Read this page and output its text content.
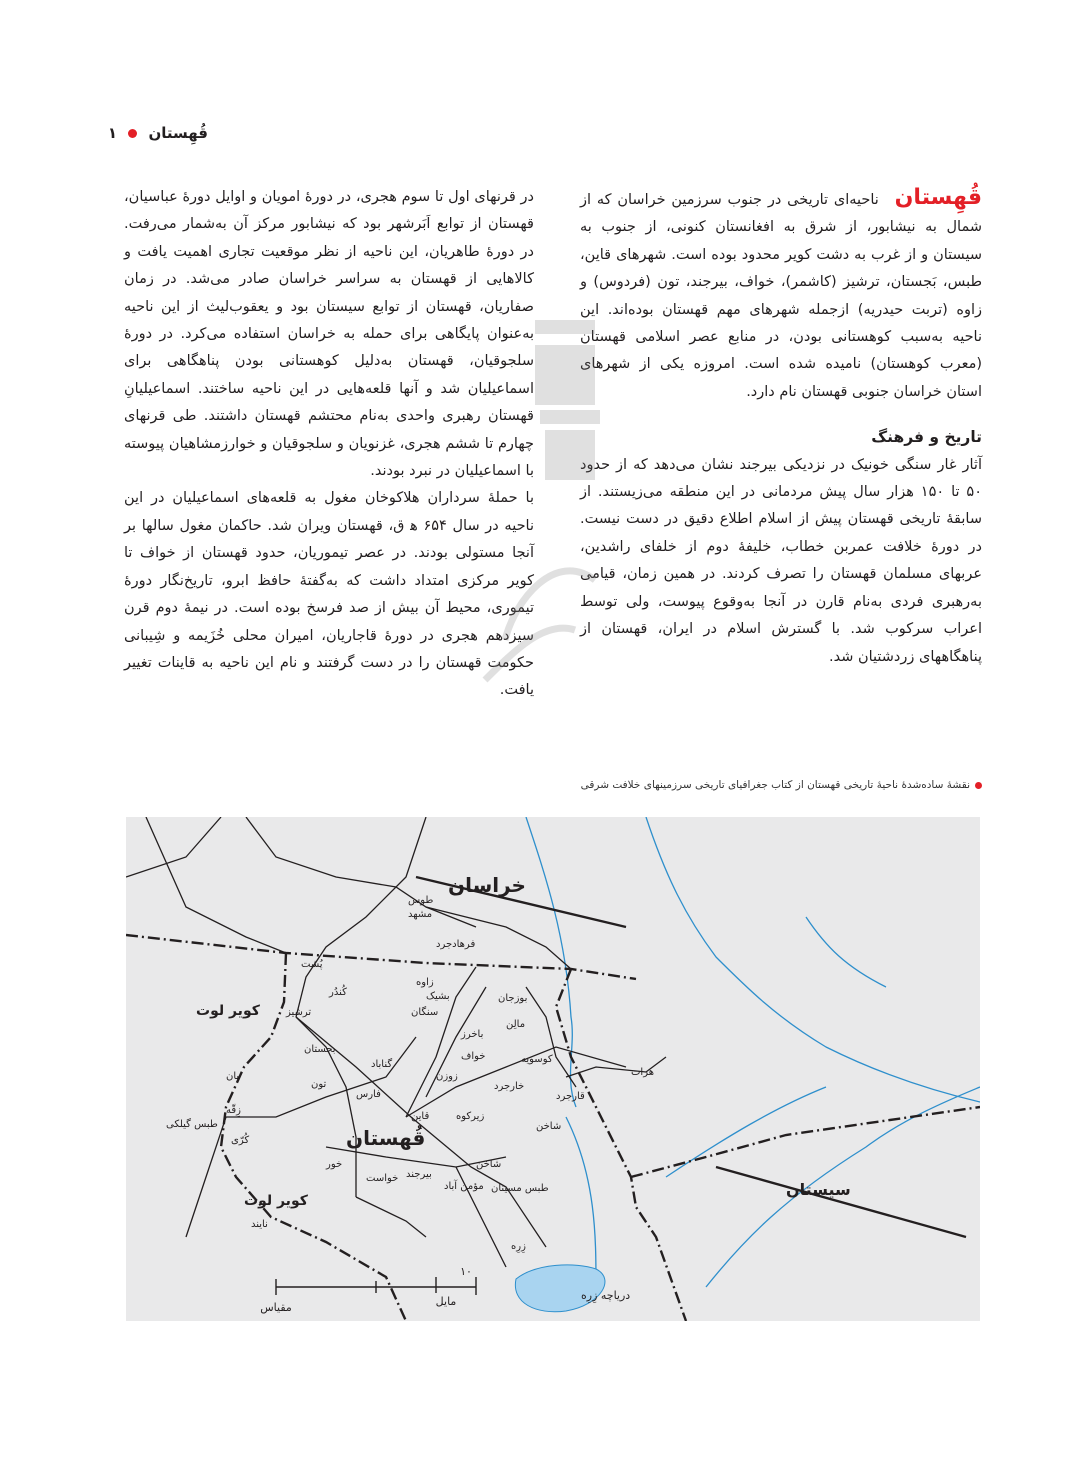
قُهِستان  ۱

قُهِستان ناحیه‌ای تاریخی در جنوب سرزمین خراسان که از شمال به نیشابور، از شرق به افغانستان کنونی، از جنوب به سیستان و از غرب به دشت کویر محدود بوده است. شهرهای قاین، طبس، بَجستان، ترشیز (کاشمر)، خواف، بیرجند، تون (فردوس) و زاوه (تربت حیدریه) ازجمله شهرهای مهم قهستان بوده‌اند. این ناحیه به‌سبب کوهستانی بودن، در منابع عصر اسلامی قهستان (معرب کوهستان) نامیده شده است. امروزه یکی از شهرهای استان خراسان جنوبی قهستان نام دارد.

تاریخ و فرهنگ

آثار غار سنگی خونیک در نزدیکی بیرجند نشان می‌دهد که از حدود ۵۰ تا ۱۵۰ هزار سال پیش مردمانی در این منطقه می‌زیستند. از سابقهٔ تاریخی قهستان پیش از اسلام اطلاع دقیق در دست نیست. در دورهٔ خلافت عمربن خطاب، خلیفهٔ دوم از خلفای راشدین، عربهای مسلمان قهستان را تصرف کردند. در همین زمان، قیامی به‌رهبری فردی به‌نام قارن در آنجا به‌وقوع پیوست، ولی توسط اعراب سرکوب شد. با گسترش اسلام در ایران، قهستان از پناهگاههای زردشتیان شد.

در قرنهای اول تا سوم هجری، در دورهٔ امویان و اوایل دورهٔ عباسیان، قهستان از توابع اَبَرشهر بود که نیشابور مرکز آن به‌شمار می‌رفت. در دورهٔ طاهریان، این ناحیه از نظر موقعیت تجاری اهمیت یافت و کالاهایی از قهستان به سراسر خراسان صادر می‌شد. در زمان صفاریان، قهستان از توابع سیستان بود و یعقوب‌لیث از این ناحیه به‌عنوان پایگاهی برای حمله به خراسان استفاده می‌کرد. در دورهٔ سلجوقیان، قهستان به‌دلیل کوهستانی بودن پناهگاهی برای اسماعیلیان شد و آنها قلعه‌هایی در این ناحیه ساختند. اسماعیلیانِ قهستان رهبری واحدی به‌نام محتشم قهستان داشتند. طی قرنهای چهارم تا ششم هجری، غزنویان و سلجوقیان و خوارزمشاهیان پیوسته با اسماعیلیان در نبرد بودند.

با حملهٔ سرداران هلاکوخان مغول به قلعه‌های اسماعیلیان در این ناحیه در سال ۶۵۴ ه‍ ق، قهستان ویران شد. حاکمان مغول سالها بر آنجا مستولی بودند. در عصر تیموریان، حدود قهستان از خواف تا کویر مرکزی امتداد داشت که به‌گفتهٔ حافظ ابرو، تاریخ‌نگار دورهٔ تیموری، محیط آن بیش از صد فرسخ بوده است. در نیمهٔ دوم قرن سیزدهم هجری در دورهٔ قاجاریان، امیران محلی خُزَیمه و شِیبانی حکومت قهستان را در دست گرفتند و نام این ناحیه به قاینات تغییر یافت.

نقشهٔ ساده‌شدهٔ ناحیهٔ تاریخی قهستان از کتاب جغرافیای تاریخی سرزمینهای خلافت شرقی
۱۰
مایل
مقیاس
خراسان
قُهستان
سیستان
کویر لوت
کویر لوت
دریاچه زِرِه
طوس
مشهد
فرهادجرد
پُشت
کُندُر
ترشیز
زاوه
بشیک
سنگان
بوزجان
مالِن
باخرز
بجستان
گناباد
خواف	کوسویه
بان
تون
زوزن
فارس
خارجرد
قارجرد
هرات
زِقّه
طبس گیلکی
کُرّی
قاین	زیرکوه
شاخن
شاخن
بیرجند
خواست
خور
طبس مسینان
مؤمن آباد
نایند
زِرِه
